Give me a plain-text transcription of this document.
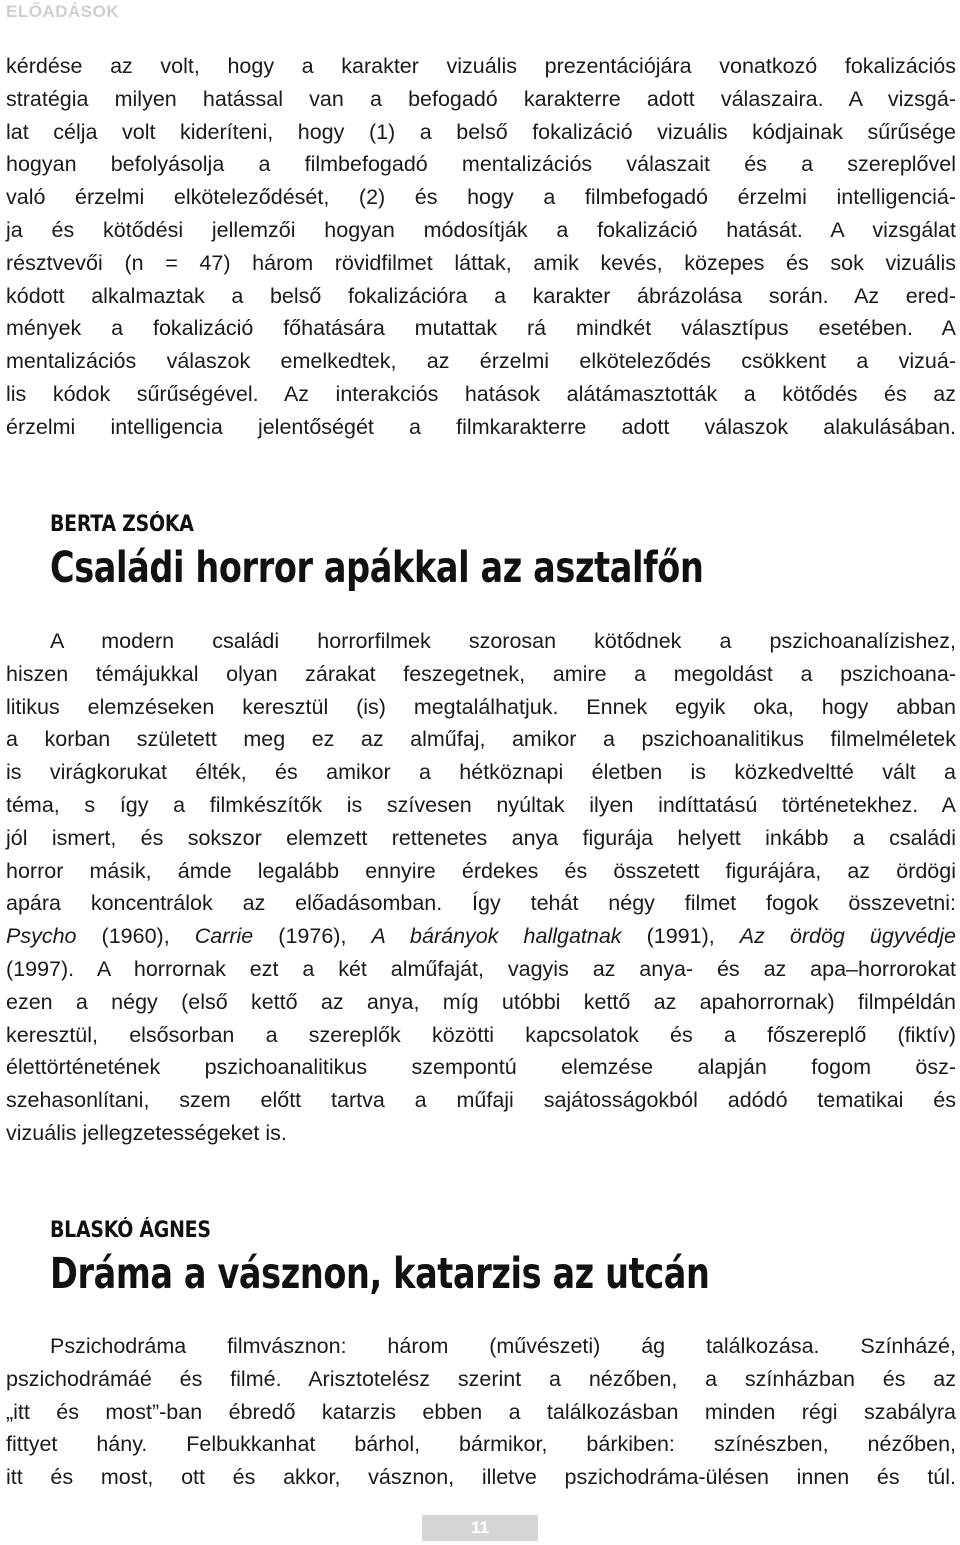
ELŐADÁSOK
kérdése az volt, hogy a karakter vizuális prezentációjára vonatkozó fokalizációs
stratégia milyen hatással van a befogadó karakterre adott válaszaira. A vizsgá-
lat célja volt kideríteni, hogy (1) a belső fokalizáció vizuális kódjainak sűrűsége
hogyan befolyásolja a filmbefogadó mentalizációs válaszait és a szereplővel
való érzelmi elköteleződését, (2) és hogy a filmbefogadó érzelmi intelligenciá-
ja és kötődési jellemzői hogyan módosítják a fokalizáció hatását. A vizsgálat
résztvevői (n = 47) három rövidfilmet láttak, amik kevés, közepes és sok vizuális
kódott alkalmaztak a belső fokalizációra a karakter ábrázolása során. Az ered-
mények a fokalizáció főhatására mutattak rá mindkét választípus esetében. A
mentalizációs válaszok emelkedtek, az érzelmi elköteleződés csökkent a vizuá-
lis kódok sűrűségével. Az interakciós hatások alátámasztották a kötődés és az
érzelmi intelligencia jelentőségét a filmkarakterre adott válaszok alakulásában.
BERTA ZSÓKA
Családi horror apákkal az asztalfőn
A modern családi horrorfilmek szorosan kötődnek a pszichoanalízishez,
hiszen témájukkal olyan zárakat feszegetnek, amire a megoldást a pszichoana-
litikus elemzéseken keresztül (is) megtalálhatjuk. Ennek egyik oka, hogy abban
a korban született meg ez az alműfaj, amikor a pszichoanalitikus filmelméletek
is virágkorukat élték, és amikor a hétköznapi életben is közkedveltté vált a
téma, s így a filmkészítők is szívesen nyúltak ilyen indíttatású történetekhez. A
jól ismert, és sokszor elemzett rettenetes anya figurája helyett inkább a családi
horror másik, ámde legalább ennyire érdekes és összetett figurájára, az ördögi
apára koncentrálok az előadásomban. Így tehát négy filmet fogok összevetni:
Psycho (1960), Carrie (1976), A bárányok hallgatnak (1991), Az ördög ügyvédje
(1997). A horrornak ezt a két alműfaját, vagyis az anya- és az apa–horrorokat
ezen a négy (első kettő az anya, míg utóbbi kettő az apahorrornak) filmpéldán
keresztül, elsősorban a szereplők közötti kapcsolatok és a főszereplő (fiktív)
élettörténetének pszichoanalitikus szempontú elemzése alapján fogom ösz-
szehasonlítani, szem előtt tartva a műfaji sajátosságokból adódó tematikai és
vizuális jellegzetességeket is.
BLASKÓ ÁGNES
Dráma a vásznon, katarzis az utcán
Pszichodráma filmvásznon: három (művészeti) ág találkozása. Színházé,
pszichodrámáé és filmé. Arisztotelész szerint a nézőben, a színházban és az
„itt és most”-ban ébredő katarzis ebben a találkozásban minden régi szabályra
fittyet hány. Felbukkanhat bárhol, bármikor, bárkiben: színészben, nézőben,
itt és most, ott és akkor, vásznon, illetve pszichodráma-ülésen innen és túl.
11
